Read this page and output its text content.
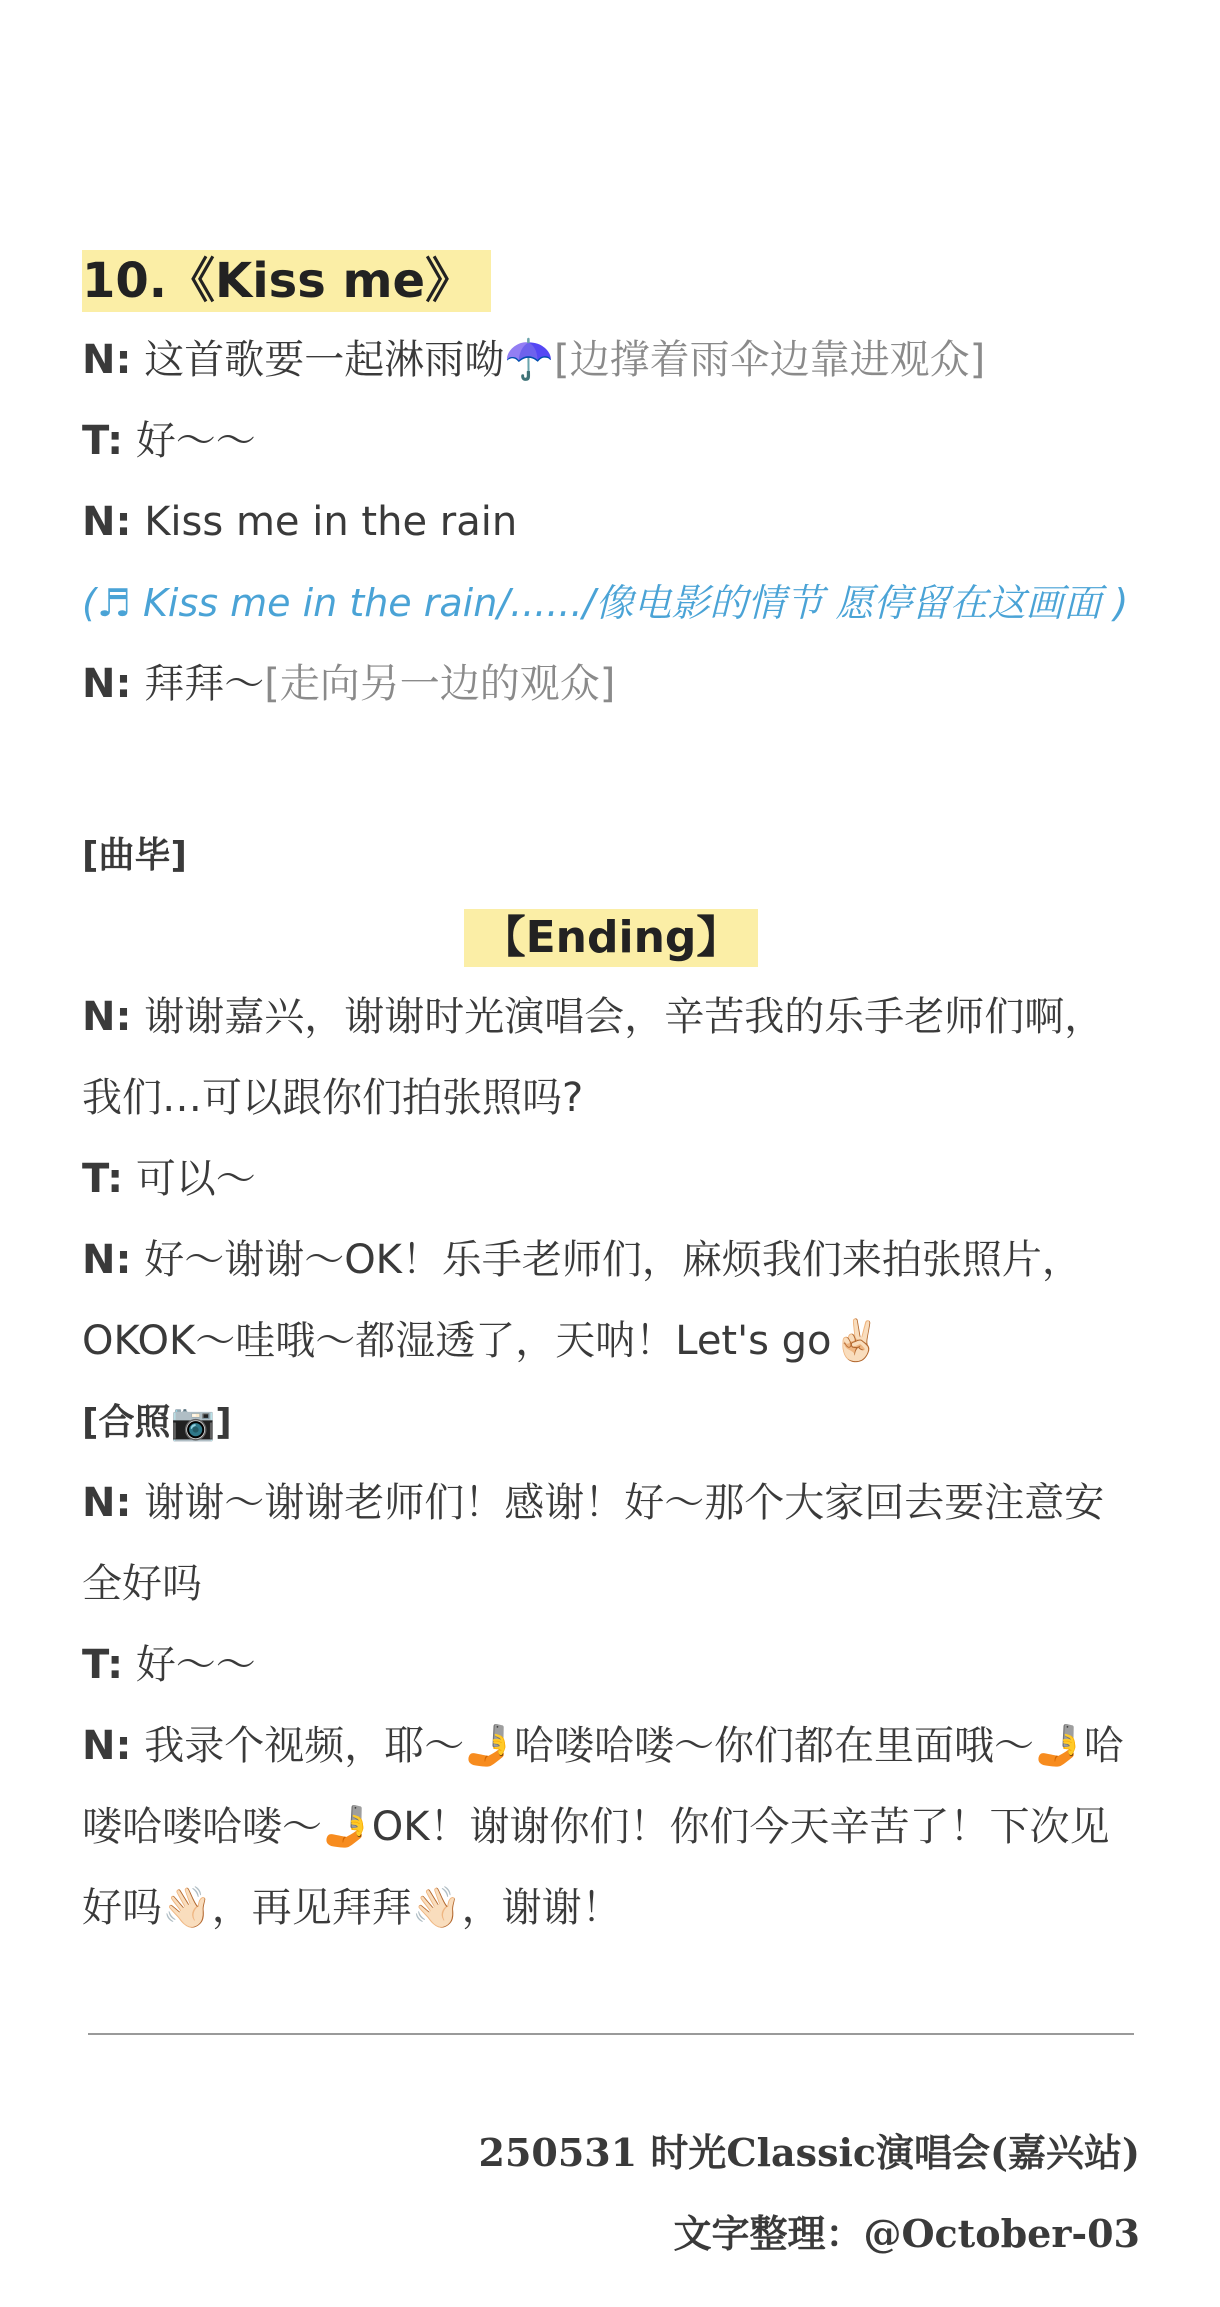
10.《Kiss me》
N: 这首歌要一起淋雨呦☂️[边撑着雨伞边靠进观众]
T: 好～～
N: Kiss me in the rain
(♬ Kiss me in the rain/....../像电影的情节 愿停留在这画面 )
N: 拜拜～[走向另一边的观众]
[曲毕]
【Ending】
N: 谢谢嘉兴，谢谢时光演唱会，辛苦我的乐手老师们啊，我们…可以跟你们拍张照吗?
T: 可以～
N: 好～谢谢～OK！乐手老师们，麻烦我们来拍张照片，OKOK～哇哦～都湿透了，天呐！Let's go✌🏻
[合照📷]
N: 谢谢～谢谢老师们！感谢！好～那个大家回去要注意安全好吗
T: 好～～
N: 我录个视频，耶～🤳哈喽哈喽～你们都在里面哦～🤳哈喽哈喽哈喽～🤳OK！谢谢你们！你们今天辛苦了！下次见好吗👋🏻，再见拜拜👋🏻，谢谢！
250531 时光Classic演唱会(嘉兴站)
文字整理：@October-03
